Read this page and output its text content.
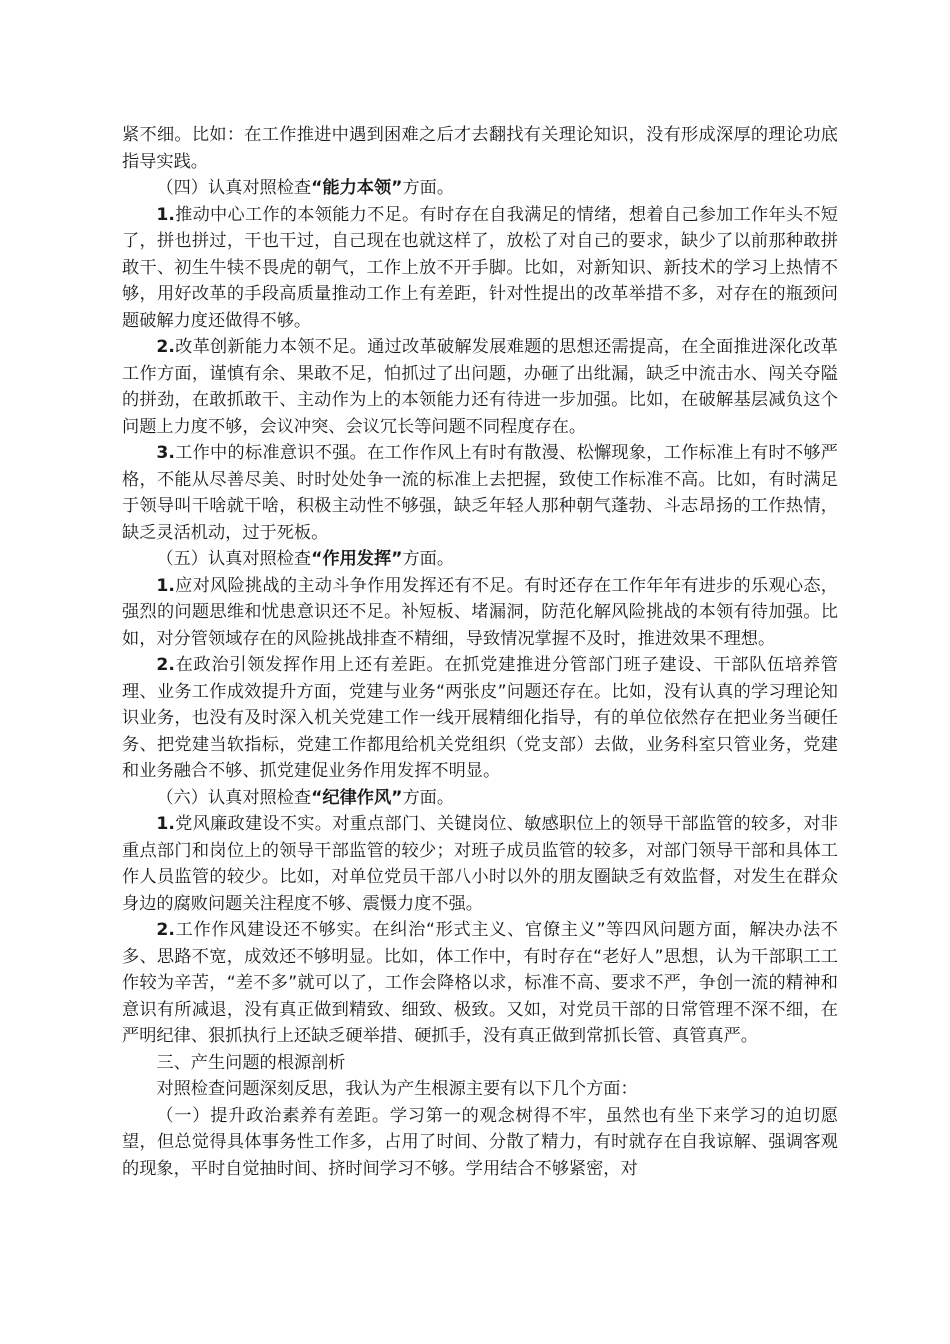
紧不细。比如：在工作推进中遇到困难之后才去翻找有关理论知识，没有形成深厚的理论功底指导实践。

（四）认真对照检查“能力本领”方面。

1.推动中心工作的本领能力不足。有时存在自我满足的情绪，想着自己参加工作年头不短了，拼也拼过，干也干过，自己现在也就这样了，放松了对自己的要求，缺少了以前那种敢拼敢干、初生牛犊不畏虎的朝气，工作上放不开手脚。比如，对新知识、新技术的学习上热情不够，用好改革的手段高质量推动工作上有差距，针对性提出的改革举措不多，对存在的瓶颈问题破解力度还做得不够。

2.改革创新能力本领不足。通过改革破解发展难题的思想还需提高，在全面推进深化改革工作方面，谨慎有余、果敢不足，怕抓过了出问题，办砸了出纰漏，缺乏中流击水、闯关夺隘的拼劲，在敢抓敢干、主动作为上的本领能力还有待进一步加强。比如，在破解基层减负这个问题上力度不够，会议冲突、会议冗长等问题不同程度存在。

3.工作中的标准意识不强。在工作作风上有时有散漫、松懈现象，工作标准上有时不够严格，不能从尽善尽美、时时处处争一流的标准上去把握，致使工作标准不高。比如，有时满足于领导叫干啥就干啥，积极主动性不够强，缺乏年轻人那种朝气蓬勃、斗志昂扬的工作热情，缺乏灵活机动，过于死板。

（五）认真对照检查“作用发挥”方面。

1.应对风险挑战的主动斗争作用发挥还有不足。有时还存在工作年年有进步的乐观心态，强烈的问题思维和忧患意识还不足。补短板、堵漏洞，防范化解风险挑战的本领有待加强。比如，对分管领域存在的风险挑战排查不精细，导致情况掌握不及时，推进效果不理想。

2.在政治引领发挥作用上还有差距。在抓党建推进分管部门班子建设、干部队伍培养管理、业务工作成效提升方面，党建与业务“两张皮”问题还存在。比如，没有认真的学习理论知识业务，也没有及时深入机关党建工作一线开展精细化指导，有的单位依然存在把业务当硬任务、把党建当软指标，党建工作都甩给机关党组织（党支部）去做，业务科室只管业务，党建和业务融合不够、抓党建促业务作用发挥不明显。

（六）认真对照检查“纪律作风”方面。

1.党风廉政建设不实。对重点部门、关键岗位、敏感职位上的领导干部监管的较多，对非重点部门和岗位上的领导干部监管的较少；对班子成员监管的较多，对部门领导干部和具体工作人员监管的较少。比如，对单位党员干部八小时以外的朋友圈缺乏有效监督，对发生在群众身边的腐败问题关注程度不够、震慑力度不强。

2.工作作风建设还不够实。在纠治“形式主义、官僚主义”等四风问题方面，解决办法不多、思路不宽，成效还不够明显。比如，体工作中，有时存在“老好人”思想，认为干部职工工作较为辛苦，“差不多”就可以了，工作会降格以求，标准不高、要求不严，争创一流的精神和意识有所减退，没有真正做到精致、细致、极致。又如，对党员干部的日常管理不深不细，在严明纪律、狠抓执行上还缺乏硬举措、硬抓手，没有真正做到常抓长管、真管真严。

三、产生问题的根源剖析

对照检查问题深刻反思，我认为产生根源主要有以下几个方面：

（一）提升政治素养有差距。学习第一的观念树得不牢，虽然也有坐下来学习的迫切愿望，但总觉得具体事务性工作多，占用了时间、分散了精力，有时就存在自我谅解、强调客观的现象，平时自觉抽时间、挤时间学习不够。学用结合不够紧密，对
